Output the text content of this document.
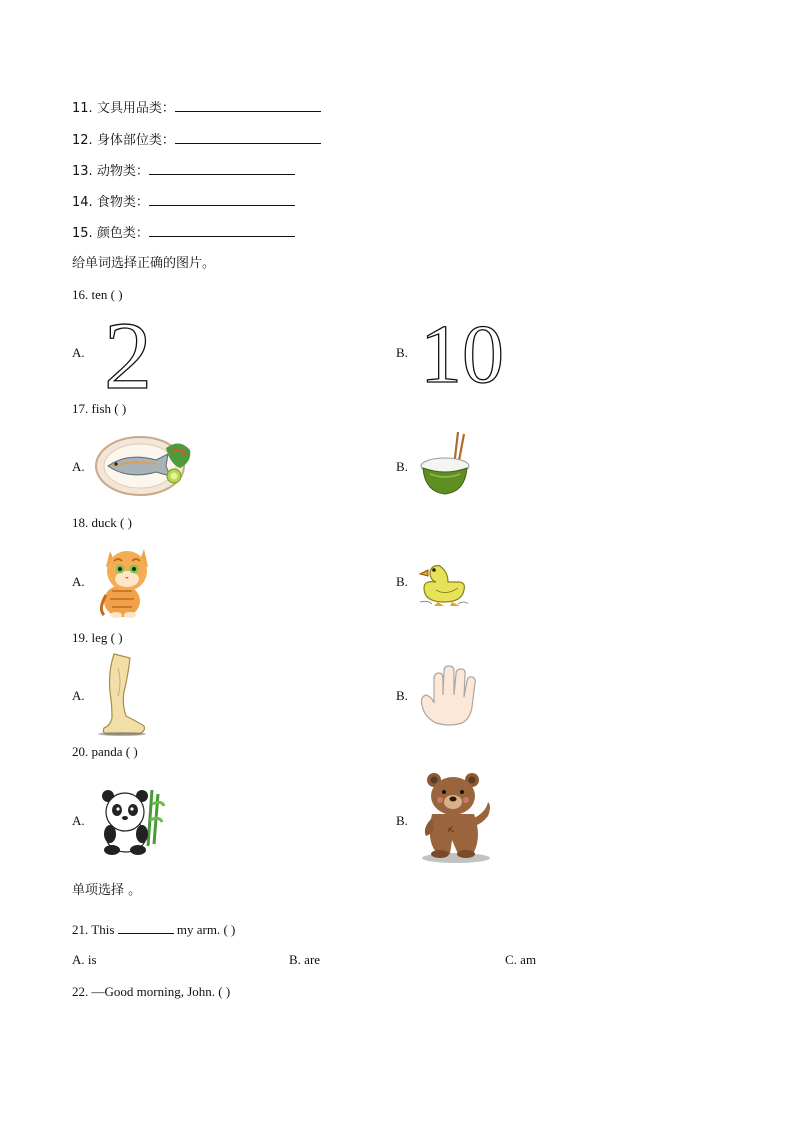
11. 文具用品类：
12. 身体部位类：
13. 动物类：
14. 食物类：
15. 颜色类：
给单词选择正确的图片。
16. ten ( )
A. 2	B. 10
17. fish ( )
A.	B.
18. duck ( )
A.	B.
19. leg ( )
A.	B.
20. panda ( )
A.	B.
单项选择 。
21. This	my arm. ( )
A. is	B. are	C. am
22. —Good morning, John. ( )
